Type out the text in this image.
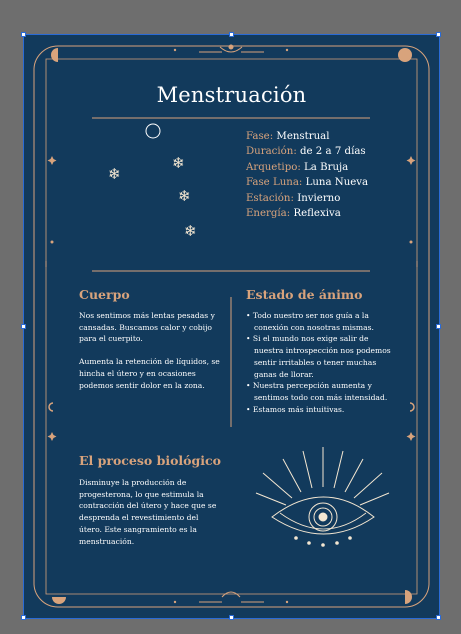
❄
❄
❄
❄
Menstruación
Fase: Menstrual
Duración: de 2 a 7 días
Arquetipo: La Bruja
Fase Luna: Luna Nueva
Estación: Invierno
Energía: Reflexiva
Cuerpo

Nos sentimos más lentas pesadas y cansadas. Buscamos calor y cobijo para el cuerpito.

Aumenta la retención de líquidos, se hincha el útero y en ocasiones podemos sentir dolor en la zona.

Estado de ánimo
• Todo nuestro ser nos guía a la conexión con nosotras mismas.
• Si el mundo nos exige salir de nuestra introspección nos podemos sentir irritables o tener muchas ganas de llorar.
• Nuestra percepción aumenta y sentimos todo con más intensidad.
• Estamos más intuitivas.
El proceso biológico
Disminuye la producción de progesterona, lo que estimula la contracción del útero y hace que se desprenda el revestimiento del útero. Este sangramiento es la menstruación.
